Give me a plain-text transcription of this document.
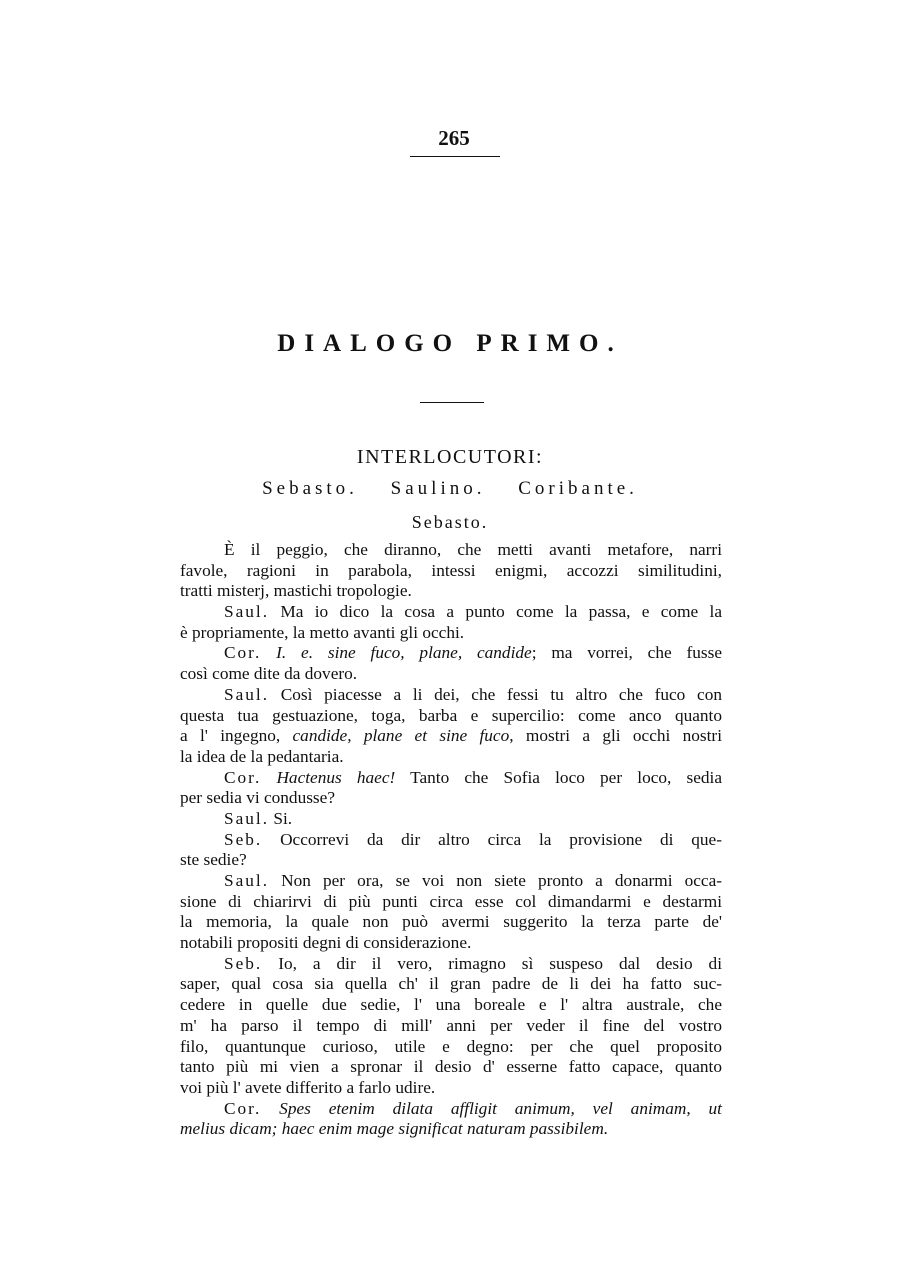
265
DIALOGO PRIMO.
INTERLOCUTORI:
Sebasto. Saulino. Coribante.
Sebasto.
È il peggio, che diranno, che metti avanti metafore, narri
favole, ragioni in parabola, intessi enigmi, accozzi similitudini,
tratti misterj, mastichi tropologie.
Saul. Ma io dico la cosa a punto come la passa, e come la
è propriamente, la metto avanti gli occhi.
Cor. I. e. sine fuco, plane, candide; ma vorrei, che fusse
così come dite da dovero.
Saul. Così piacesse a li dei, che fessi tu altro che fuco con
questa tua gestuazione, toga, barba e supercilio: come anco quanto
a l' ingegno, candide, plane et sine fuco, mostri a gli occhi nostri
la idea de la pedantaria.
Cor. Hactenus haec! Tanto che Sofia loco per loco, sedia
per sedia vi condusse?
Saul. Si.
Seb. Occorrevi da dir altro circa la provisione di que-
ste sedie?
Saul. Non per ora, se voi non siete pronto a donarmi occa-
sione di chiarirvi di più punti circa esse col dimandarmi e destarmi
la memoria, la quale non può avermi suggerito la terza parte de'
notabili propositi degni di considerazione.
Seb. Io, a dir il vero, rimagno sì suspeso dal desio di
saper, qual cosa sia quella ch' il gran padre de li dei ha fatto suc-
cedere in quelle due sedie, l' una boreale e l' altra australe, che
m' ha parso il tempo di mill' anni per veder il fine del vostro
filo, quantunque curioso, utile e degno: per che quel proposito
tanto più mi vien a spronar il desio d' esserne fatto capace, quanto
voi più l' avete differito a farlo udire.
Cor. Spes etenim dilata affligit animum, vel animam, ut
melius dicam; haec enim mage significat naturam passibilem.
